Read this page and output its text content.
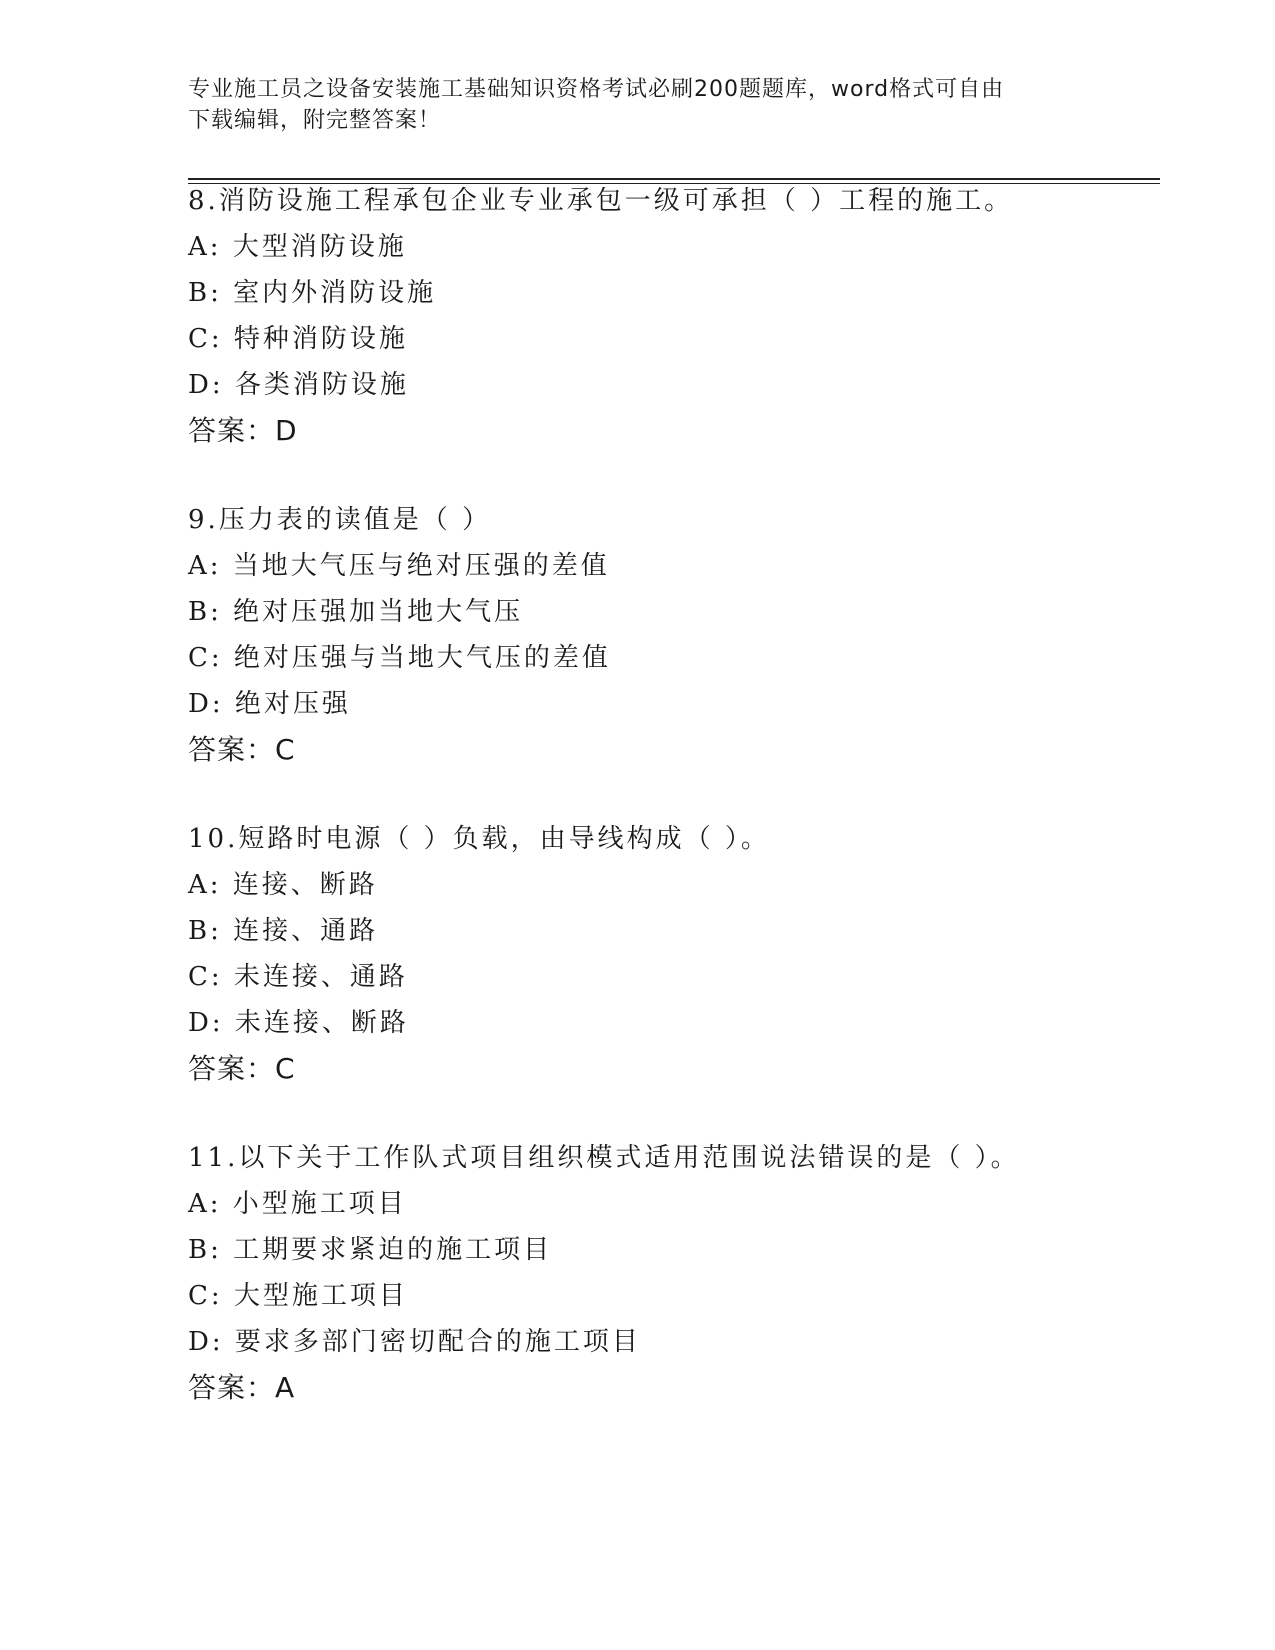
专业施工员之设备安装施工基础知识资格考试必刷200题题库，word格式可自由
下载编辑，附完整答案！
8.消防设施工程承包企业专业承包一级可承担（ ）工程的施工。
A: 大型消防设施
B: 室内外消防设施
C: 特种消防设施
D: 各类消防设施
答案：D
9.压力表的读值是（ ）
A: 当地大气压与绝对压强的差值
B: 绝对压强加当地大气压
C: 绝对压强与当地大气压的差值
D: 绝对压强
答案：C
10.短路时电源（ ）负载，由导线构成（ ）。
A: 连接、断路
B: 连接、通路
C: 未连接、通路
D: 未连接、断路
答案：C
11.以下关于工作队式项目组织模式适用范围说法错误的是（ ）。
A: 小型施工项目
B: 工期要求紧迫的施工项目
C: 大型施工项目
D: 要求多部门密切配合的施工项目
答案：A
